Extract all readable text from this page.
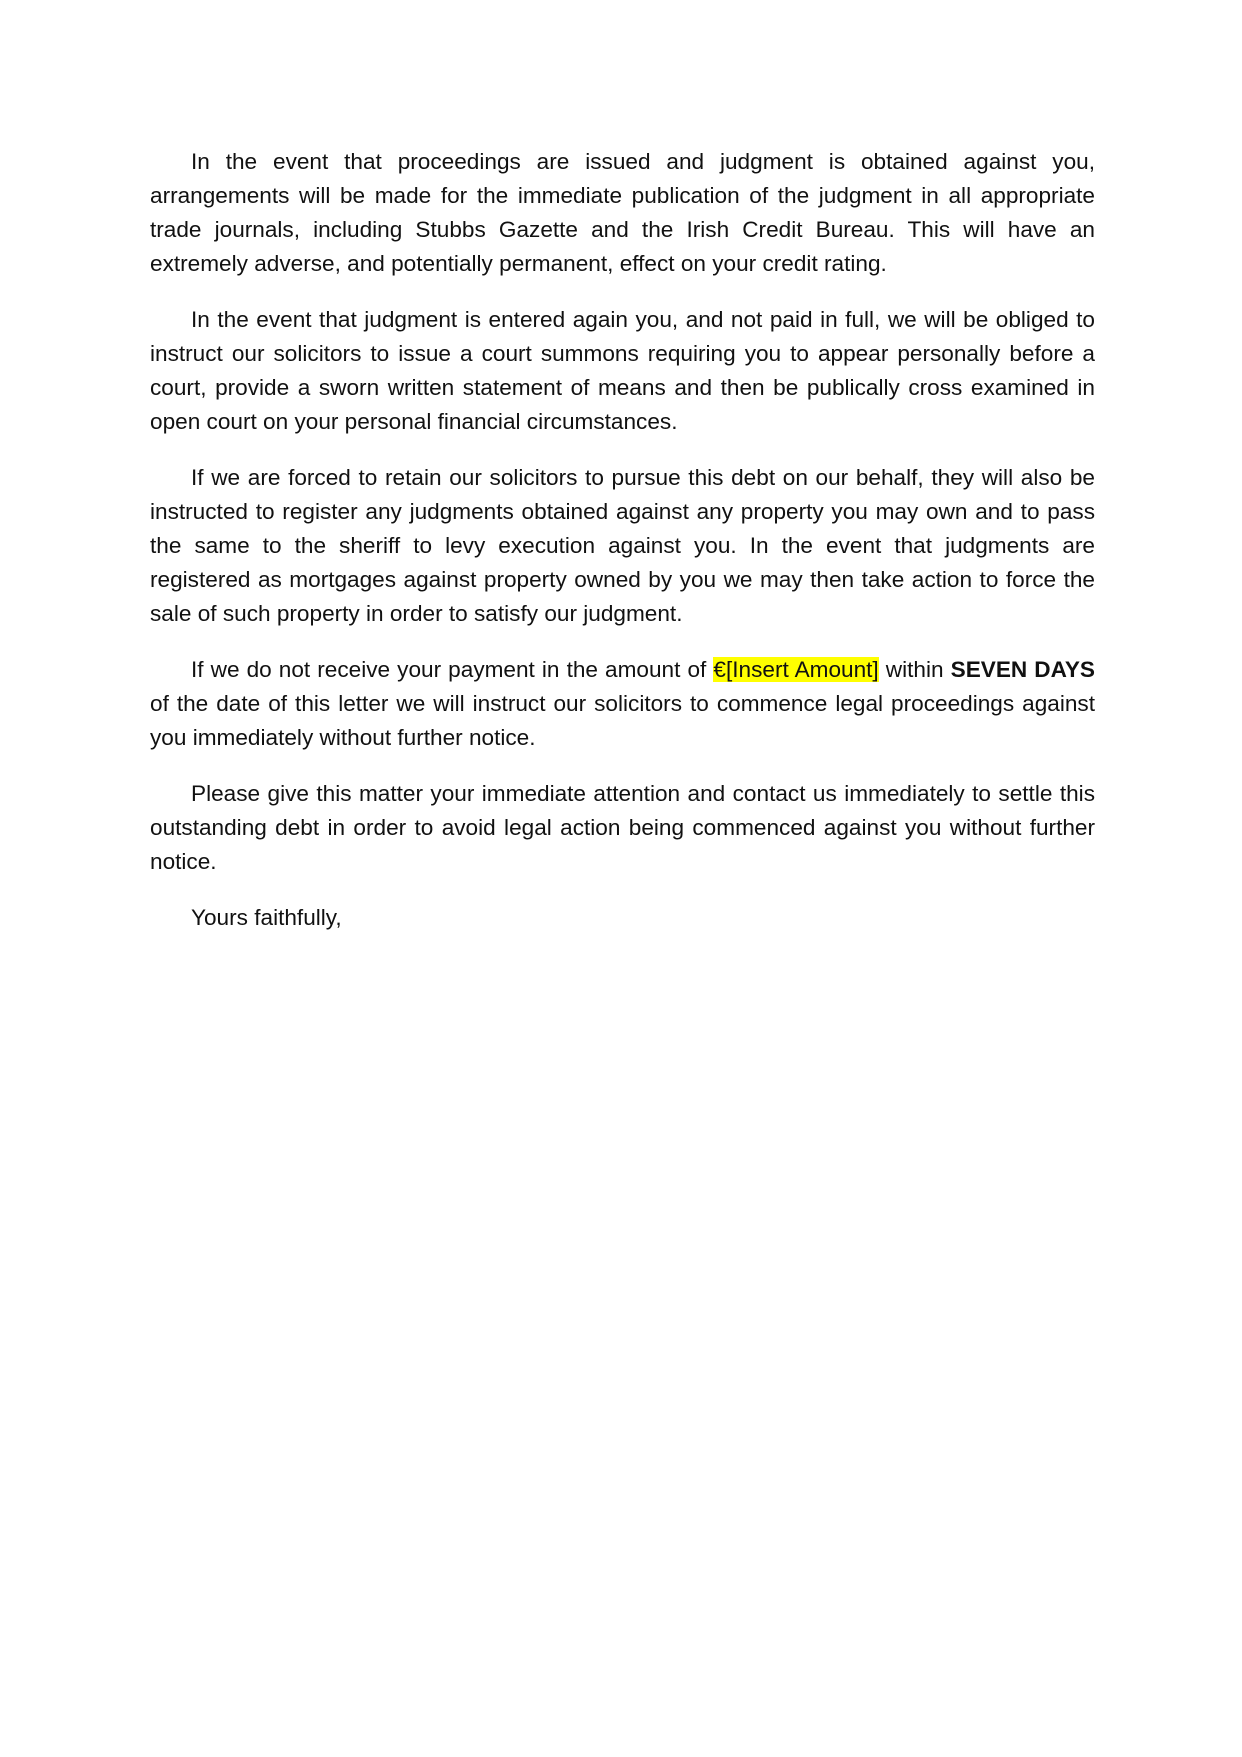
In the event that proceedings are issued and judgment is obtained against you, arrangements will be made for the immediate publication of the judgment in all appropriate trade journals, including Stubbs Gazette and the Irish Credit Bureau. This will have an extremely adverse, and potentially permanent, effect on your credit rating.

In the event that judgment is entered again you, and not paid in full, we will be obliged to instruct our solicitors to issue a court summons requiring you to appear personally before a court, provide a sworn written statement of means and then be publically cross examined in open court on your personal financial circumstances.

If we are forced to retain our solicitors to pursue this debt on our behalf, they will also be instructed to register any judgments obtained against any property you may own and to pass the same to the sheriff to levy execution against you. In the event that judgments are registered as mortgages against property owned by you we may then take action to force the sale of such property in order to satisfy our judgment.

If we do not receive your payment in the amount of €[Insert Amount] within SEVEN DAYS of the date of this letter we will instruct our solicitors to commence legal proceedings against you immediately without further notice.

Please give this matter your immediate attention and contact us immediately to settle this outstanding debt in order to avoid legal action being commenced against you without further notice.

Yours faithfully,
